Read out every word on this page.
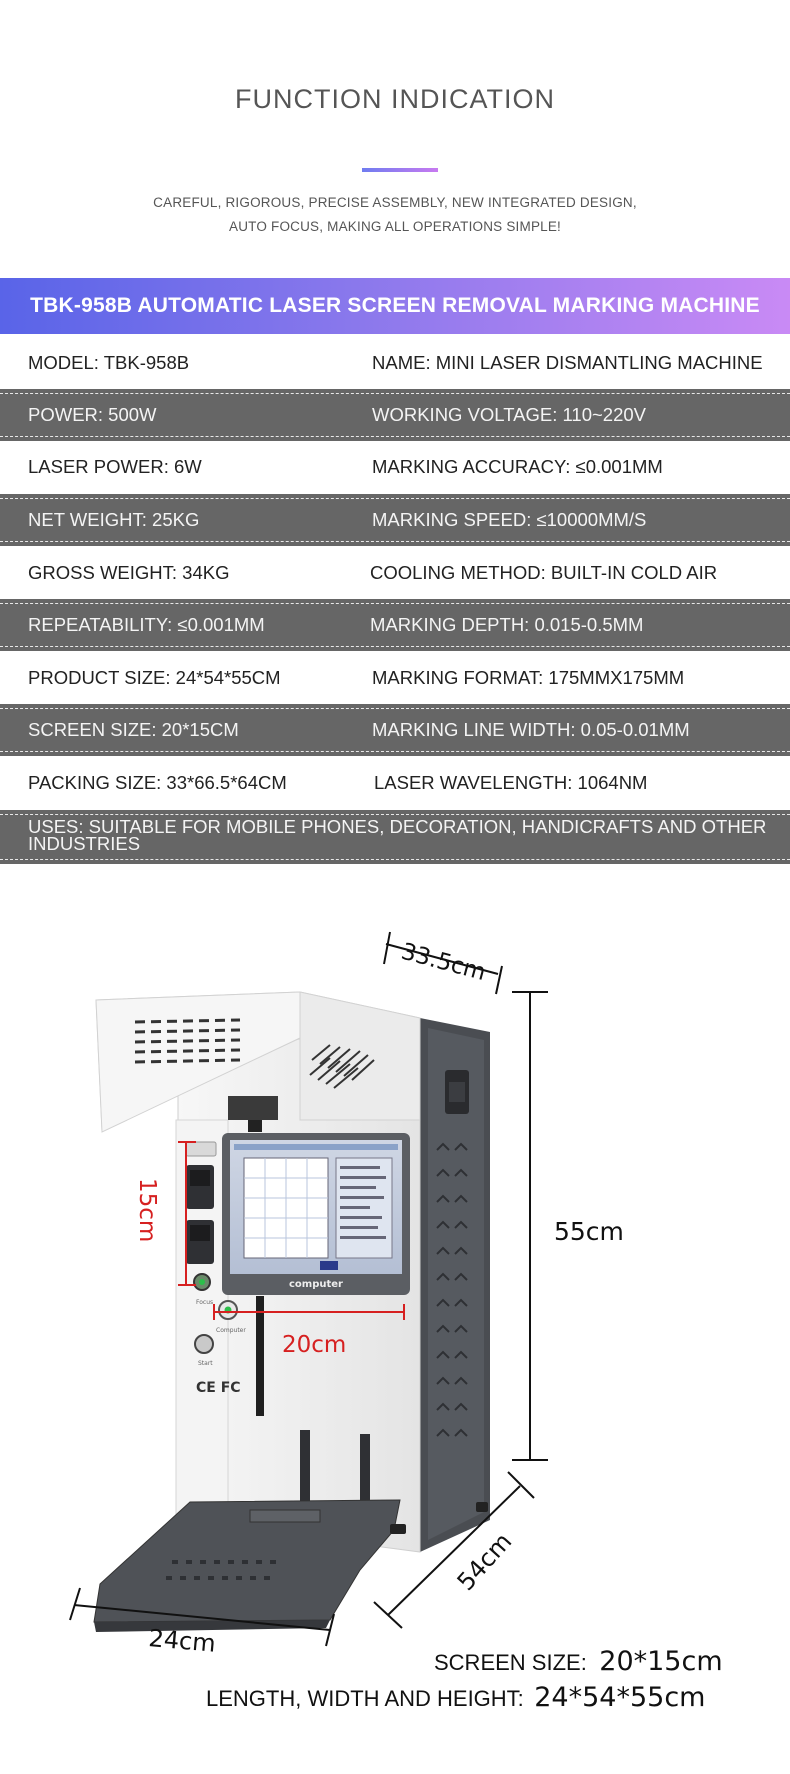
FUNCTION INDICATION
CAREFUL, RIGOROUS, PRECISE ASSEMBLY, NEW INTEGRATED DESIGN,
AUTO FOCUS, MAKING ALL OPERATIONS SIMPLE!
TBK-958B AUTOMATIC LASER SCREEN REMOVAL MARKING MACHINE
MODEL: TBK-958B	NAME: MINI LASER DISMANTLING MACHINE
POWER: 500W	WORKING VOLTAGE: 110~220V
LASER POWER: 6W	MARKING ACCURACY: ≤0.001MM
NET WEIGHT: 25KG	MARKING SPEED: ≤10000MM/S
GROSS WEIGHT: 34KG	COOLING METHOD: BUILT-IN COLD AIR
REPEATABILITY: ≤0.001MM	MARKING DEPTH: 0.015-0.5MM
PRODUCT SIZE: 24*54*55CM	MARKING FORMAT: 175MMX175MM
SCREEN SIZE: 20*15CM	MARKING LINE WIDTH: 0.05-0.01MM
PACKING SIZE: 33*66.5*64CM	LASER WAVELENGTH: 1064NM
USES: SUITABLE FOR MOBILE PHONES, DECORATION, HANDICRAFTS AND OTHER INDUSTRIES
Focus
Computer
Start
CE FC
computer
33.5cm
55cm
15cm
20cm
24cm
54cm
SCREEN SIZE: 20*15cm
LENGTH, WIDTH AND HEIGHT: 24*54*55cm
